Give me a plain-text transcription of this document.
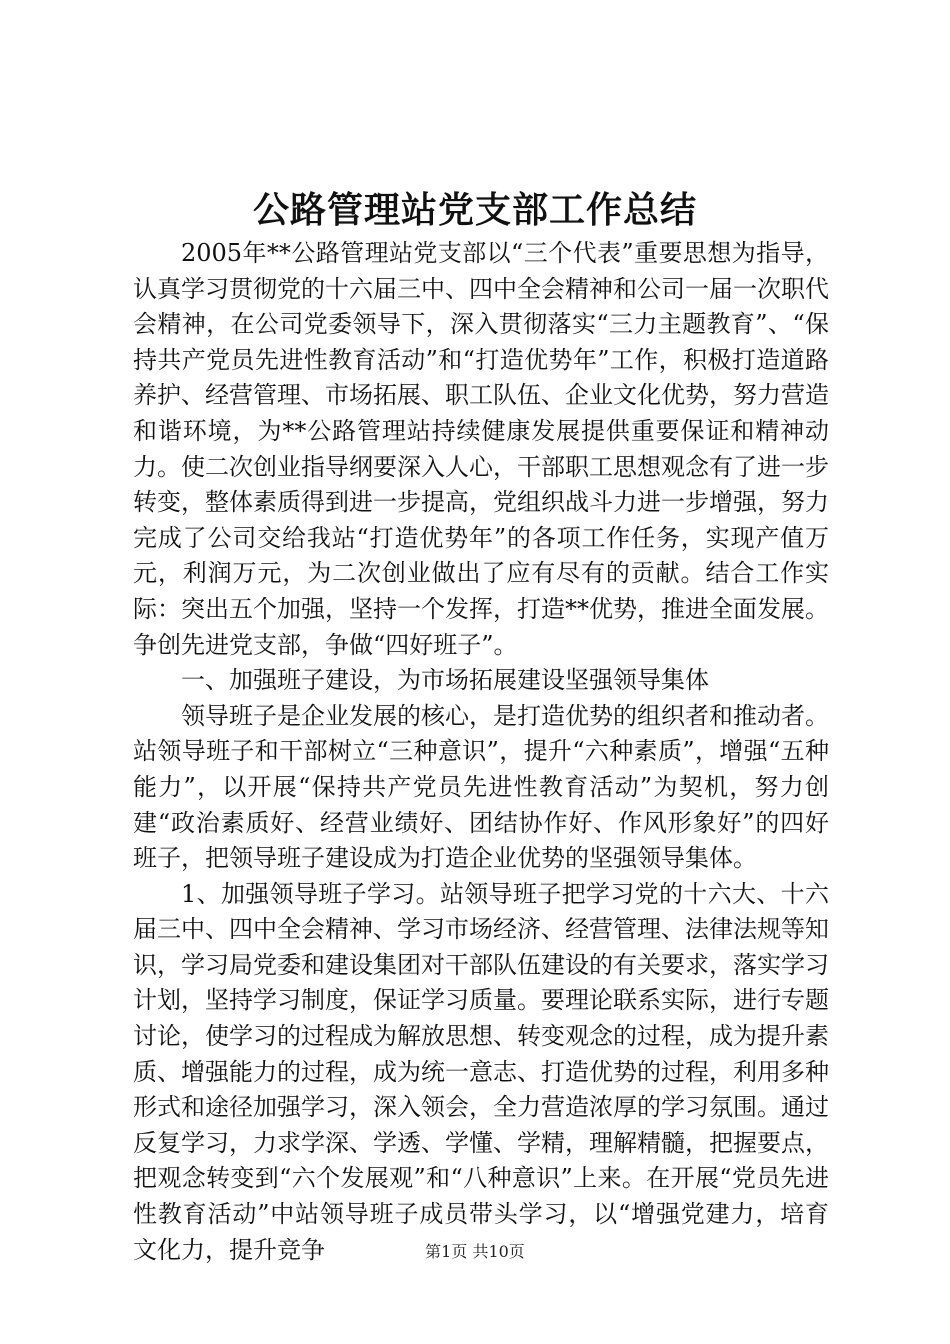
公路管理站党支部工作总结

2005年**公路管理站党支部以“三个代表”重要思想为指导，认真学习贯彻党的十六届三中、四中全会精神和公司一届一次职代会精神，在公司党委领导下，深入贯彻落实“三力主题教育”、“保持共产党员先进性教育活动”和“打造优势年”工作，积极打造道路养护、经营管理、市场拓展、职工队伍、企业文化优势，努力营造和谐环境，为**公路管理站持续健康发展提供重要保证和精神动力。使二次创业指导纲要深入人心，干部职工思想观念有了进一步转变，整体素质得到进一步提高，党组织战斗力进一步增强，努力完成了公司交给我站“打造优势年”的各项工作任务，实现产值万元，利润万元，为二次创业做出了应有尽有的贡献。结合工作实际：突出五个加强，坚持一个发挥，打造**优势，推进全面发展。争创先进党支部，争做“四好班子”。

一、加强班子建设，为市场拓展建设坚强领导集体

领导班子是企业发展的核心，是打造优势的组织者和推动者。站领导班子和干部树立“三种意识”，提升“六种素质”，增强“五种能力”，以开展“保持共产党员先进性教育活动”为契机，努力创建“政治素质好、经营业绩好、团结协作好、作风形象好”的四好班子，把领导班子建设成为打造企业优势的坚强领导集体。

1、加强领导班子学习。站领导班子把学习党的十六大、十六届三中、四中全会精神、学习市场经济、经营管理、法律法规等知识，学习局党委和建设集团对干部队伍建设的有关要求，落实学习计划，坚持学习制度，保证学习质量。要理论联系实际，进行专题讨论，使学习的过程成为解放思想、转变观念的过程，成为提升素质、增强能力的过程，成为统一意志、打造优势的过程，利用多种形式和途径加强学习，深入领会，全力营造浓厚的学习氛围。通过反复学习，力求学深、学透、学懂、学精，理解精髓，把握要点，把观念转变到“六个发展观”和“八种意识”上来。在开展“党员先进性教育活动”中站领导班子成员带头学习，以“增强党建力，培育文化力，提升竞争	第1页 共10页
